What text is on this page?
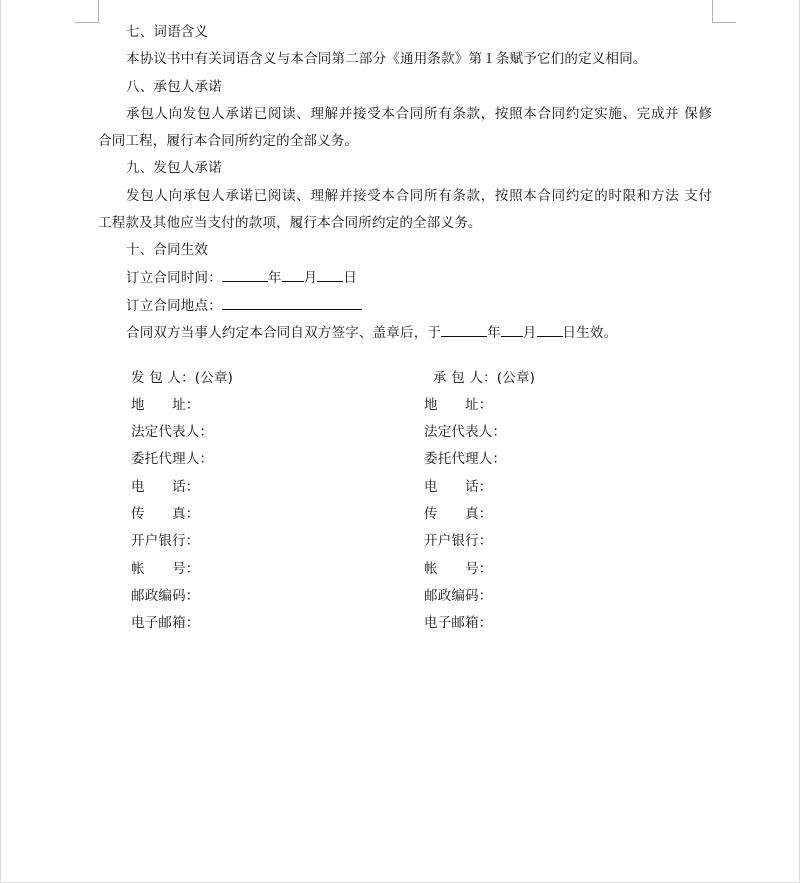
七、词语含义
本协议书中有关词语含义与本合同第二部分《通用条款》第１条赋予它们的定义相同。
八、承包人承诺
承包人向发包人承诺已阅读、理解并接受本合同所有条款，按照本合同约定实施、完成并 保修
合同工程，履行本合同所约定的全部义务。
九、发包人承诺
发包人向承包人承诺已阅读、理解并接受本合同所有条款，按照本合同约定的时限和方法 支付
工程款及其他应当支付的款项，履行本合同所约定的全部义务。
十、合同生效
订立合同时间：	年 月 日
订立合同地点：
合同双方当事人约定本合同自双方签字、盖章后，于	年 月 日生效。
发 包 人：(公章)
地　　址：
法定代表人：
委托代理人：
电　　话：
传　　真：
开户银行：
帐　　号：
邮政编码：
电子邮箱：
承 包 人：(公章)
地　　址：
法定代表人：
委托代理人：
电　　话：
传　　真：
开户银行：
帐　　号：
邮政编码：
电子邮箱：
